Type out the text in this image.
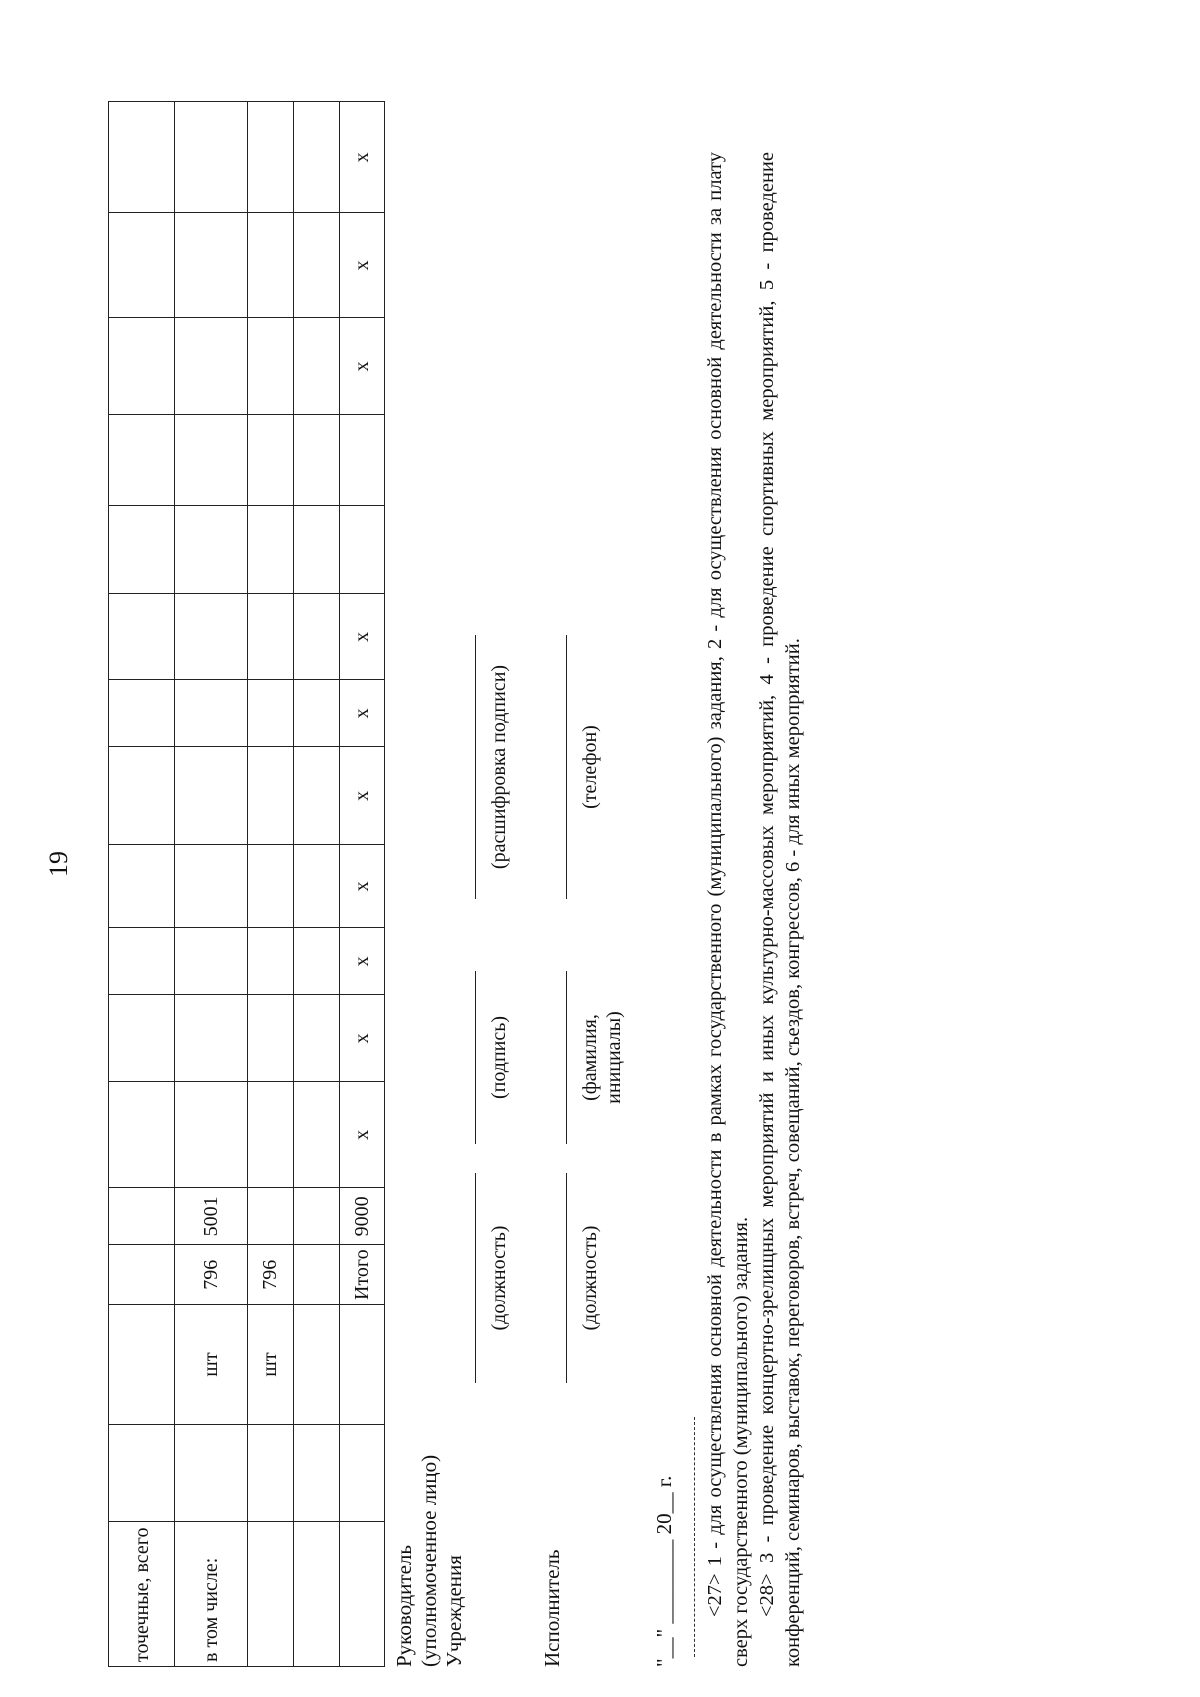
19
точечные, всего																
в том числе:		шт	796	5001												
		шт	796													

			Итого	9000	x	x	x	x	x	x	x			x	x	x
Руководитель (уполномоченное лицо) Учреждения
(должность)
(подпись)
(расшифровка подписи)
Исполнитель
(должность)
(фамилия, инициалы)
(телефон)
"__" ________ 20__ г. <27> 1 - для осуществления основной деятельности в рамках государственного (муниципального) задания, 2 - для осуществления основной деятельности за плату сверх государственного (муниципального) задания. <28> 3 - проведение концертно-зрелищных мероприятий и иных культурно-массовых мероприятий, 4 - проведение спортивных мероприятий, 5 - проведение конференций, семинаров, выставок, переговоров, встреч, совещаний, съездов, конгрессов, 6 - для иных мероприятий.
